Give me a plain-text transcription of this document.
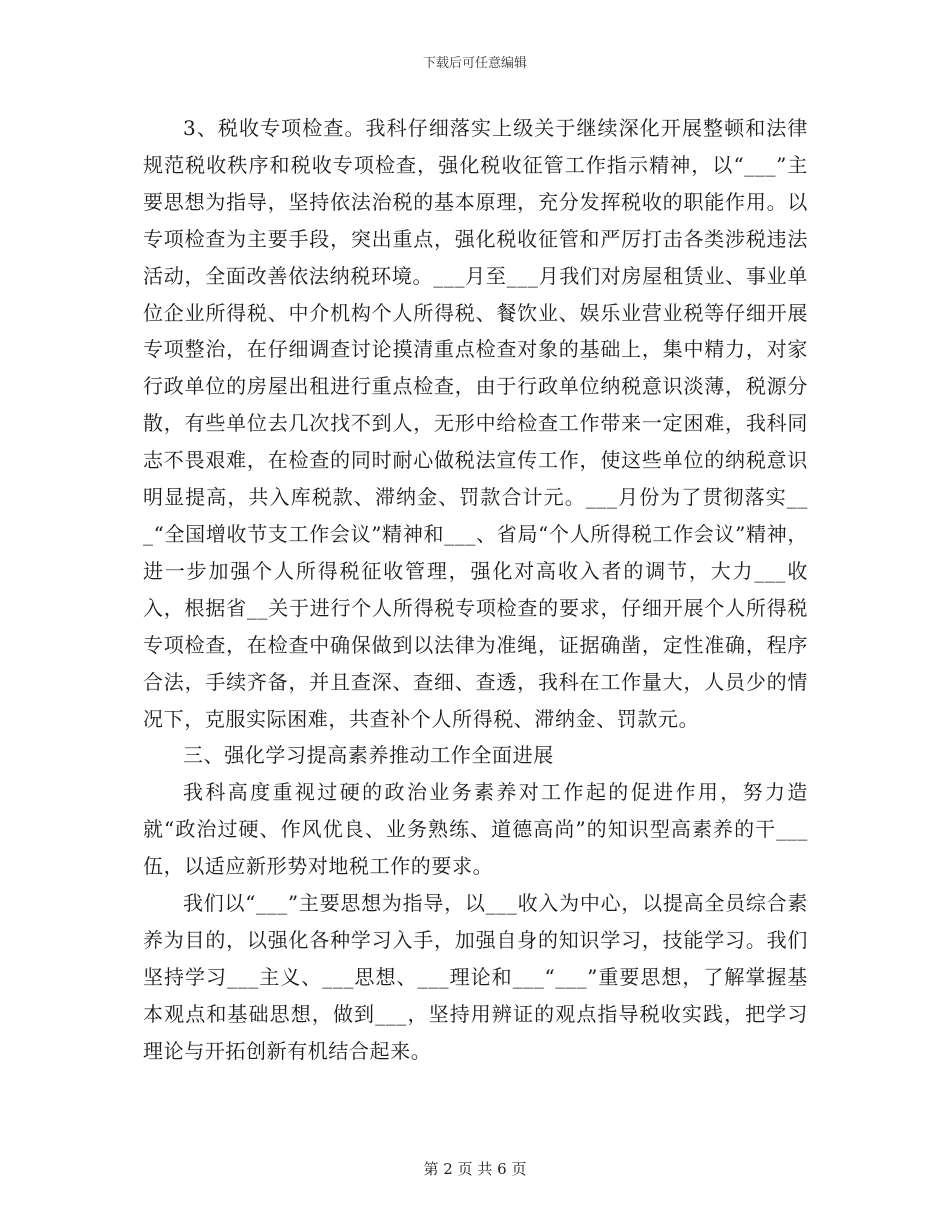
下载后可任意编辑

3、税收专项检查。我科仔细落实上级关于继续深化开展整顿和法律规范税收秩序和税收专项检查，强化税收征管工作指示精神，以“___”主要思想为指导，坚持依法治税的基本原理，充分发挥税收的职能作用。以专项检查为主要手段，突出重点，强化税收征管和严厉打击各类涉税违法活动，全面改善依法纳税环境。___月至___月我们对房屋租赁业、事业单位企业所得税、中介机构个人所得税、餐饮业、娱乐业营业税等仔细开展专项整治，在仔细调查讨论摸清重点检查对象的基础上，集中精力，对家行政单位的房屋出租进行重点检查，由于行政单位纳税意识淡薄，税源分散，有些单位去几次找不到人，无形中给检查工作带来一定困难，我科同志不畏艰难，在检查的同时耐心做税法宣传工作，使这些单位的纳税意识明显提高，共入库税款、滞纳金、罚款合计元。___月份为了贯彻落实___“全国增收节支工作会议”精神和___、省局“个人所得税工作会议”精神，进一步加强个人所得税征收管理，强化对高收入者的调节，大力___收入，根据省__关于进行个人所得税专项检查的要求，仔细开展个人所得税专项检查，在检查中确保做到以法律为准绳，证据确凿，定性准确，程序合法，手续齐备，并且查深、查细、查透，我科在工作量大，人员少的情况下，克服实际困难，共查补个人所得税、滞纳金、罚款元。

三、强化学习提高素养推动工作全面进展

我科高度重视过硬的政治业务素养对工作起的促进作用，努力造就“政治过硬、作风优良、业务熟练、道德高尚”的知识型高素养的干___伍，以适应新形势对地税工作的要求。

我们以“___”主要思想为指导，以___收入为中心，以提高全员综合素养为目的，以强化各种学习入手，加强自身的知识学习，技能学习。我们坚持学习___主义、___思想、___理论和___“___”重要思想，了解掌握基本观点和基础思想，做到___，坚持用辨证的观点指导税收实践，把学习理论与开拓创新有机结合起来。

第 2 页 共 6 页
